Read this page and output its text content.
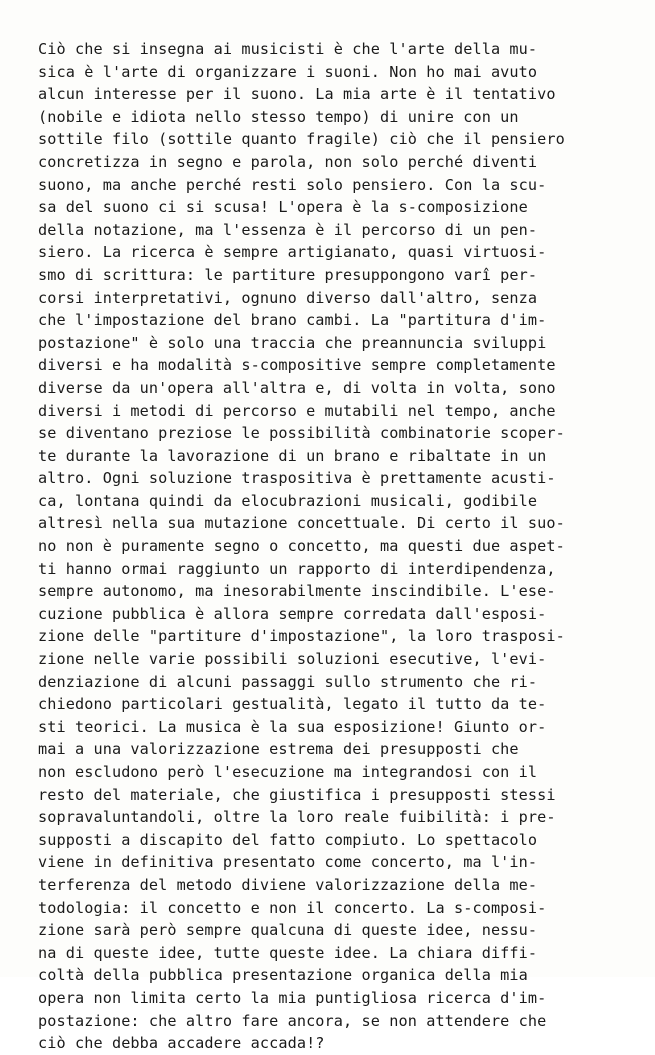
Ciò che si insegna ai musicisti è che l'arte della mu-
sica è l'arte di organizzare i suoni. Non ho mai avuto
alcun interesse per il suono. La mia arte è il tentativo
(nobile e idiota nello stesso tempo) di unire con un
sottile filo (sottile quanto fragile) ciò che il pensiero
concretizza in segno e parola, non solo perché diventi
suono, ma anche perché resti solo pensiero. Con la scu-
sa del suono ci si scusa! L'opera è la s-composizione
della notazione, ma l'essenza è il percorso di un pen-
siero. La ricerca è sempre artigianato, quasi virtuosi-
smo di scrittura: le partiture presuppongono varî per-
corsi interpretativi, ognuno diverso dall'altro, senza
che l'impostazione del brano cambi. La "partitura d'im-
postazione" è solo una traccia che preannuncia sviluppi
diversi e ha modalità s-compositive sempre completamente
diverse da un'opera all'altra e, di volta in volta, sono
diversi i metodi di percorso e mutabili nel tempo, anche
se diventano preziose le possibilità combinatorie scoper-
te durante la lavorazione di un brano e ribaltate in un
altro. Ogni soluzione traspositiva è prettamente acusti-
ca, lontana quindi da elocubrazioni musicali, godibile
altresì nella sua mutazione concettuale. Di certo il suo-
no non è puramente segno o concetto, ma questi due aspet-
ti hanno ormai raggiunto un rapporto di interdipendenza,
sempre autonomo, ma inesorabilmente inscindibile. L'ese-
cuzione pubblica è allora sempre corredata dall'esposi-
zione delle "partiture d'impostazione", la loro trasposi-
zione nelle varie possibili soluzioni esecutive, l'evi-
denziazione di alcuni passaggi sullo strumento che ri-
chiedono particolari gestualità, legato il tutto da te-
sti teorici. La musica è la sua esposizione! Giunto or-
mai a una valorizzazione estrema dei presupposti che
non escludono però l'esecuzione ma integrandosi con il
resto del materiale, che giustifica i presupposti stessi
sopravaluntandoli, oltre la loro reale fuibilità: i pre-
supposti a discapito del fatto compiuto. Lo spettacolo
viene in definitiva presentato come concerto, ma l'in-
terferenza del metodo diviene valorizzazione della me-
todologia: il concetto e non il concerto. La s-composi-
zione sarà però sempre qualcuna di queste idee, nessu-
na di queste idee, tutte queste idee. La chiara diffi-
coltà della pubblica presentazione organica della mia
opera non limita certo la mia puntigliosa ricerca d'im-
postazione: che altro fare ancora, se non attendere che
ciò che debba accadere accada!?
